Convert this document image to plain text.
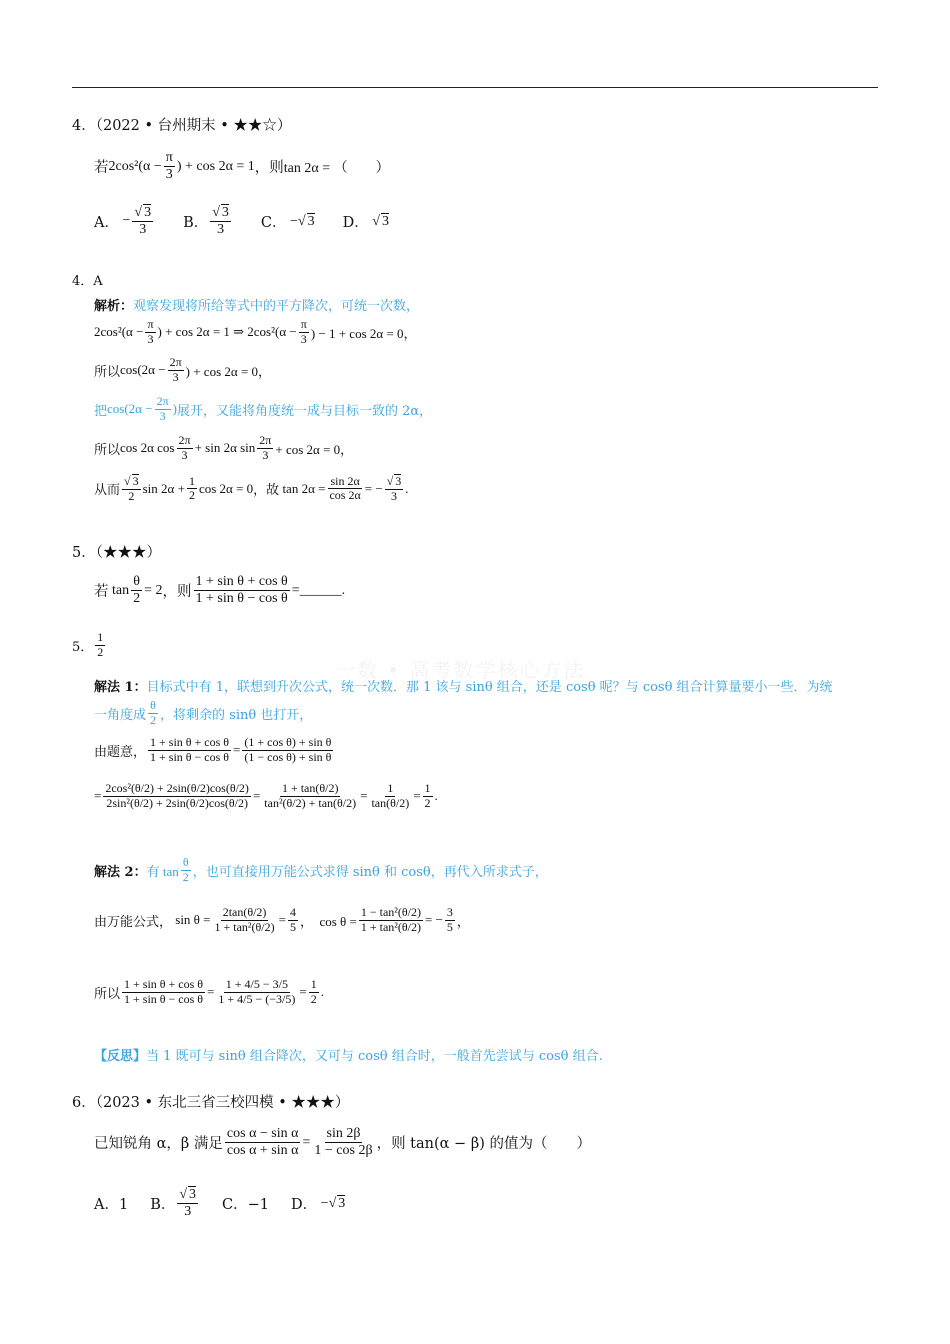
一数 • 高考数学核心方法
4．（2022 • 台州期末 • ★★☆）
若 $2\cos^2(\alpha - \frac{\pi}{3}$ ) + cos 2α = 1 ，则 tan 2α = （　　）
A． − $\frac{√ 3}{3}$ B． $\frac{√ 3}{3}$ C． −√ 3 D． √ 3
4．A
解析： 观察发现将所给等式中的平方降次，可统一次数，
$2\cos^2(\alpha - \frac{\pi}{3}$ ) + cos 2α = 1 ⇒ $2\cos^2(\alpha - \frac{\pi}{3}$ ) − 1 + cos 2α = 0，
所以 $\cos(2\alpha - \frac{2\pi}{3}$ ) + cos 2α = 0，
把 $\cos(2\alpha - \frac{2\pi}{3}$ ) 展开，又能将角度统一成与目标一致的 2α，
所以 cos 2α $\cos \frac{2\pi}{3} + \sin 2\alpha$ $\sin \frac{2\pi}{3} + \cos 2\alpha = 0$，
从而 $\frac{√ 3}{2}$ $\sin 2\alpha + \frac{1}{2}$ cos 2α = 0 ，故 $\tan 2\alpha = \frac{\sin 2\alpha}{\cos 2\alpha}$ = − $\frac{√ 3}{3}$ .
5．（★★★）
若 $\tan \frac{\theta}{2} = 2$ ，则 $\frac{\text{1 + sin θ + cos θ}}{\text{1 + sin θ − cos θ}}$ = ______.
5． $\frac{1}{2}$
解法 1： 目标式中有 1，联想到升次公式，统一次数．那 1 该与 sinθ 组合，还是 cosθ 呢？与 cosθ 组合计算量要小一些．为统
一角度成 $\frac{\theta}{2}$ ，将剩余的 sinθ 也打开，
由题意， $\frac{\text{1 + sin θ + cos θ}}{\text{1 + sin θ − cos θ}} = \frac{\text{(1 + cos θ) + sin θ}}{\text{(1 − cos θ) + sin θ}}$
= $\frac{\text{2cos²(θ/2) + 2sin(θ/2)cos(θ/2)}}{\text{2sin²(θ/2) + 2sin(θ/2)cos(θ/2)}} = \frac{1 + \tan(\theta/2)}{\text{tan²(θ/2) + tan(θ/2)}} = \frac{1}{\tan(\theta/2)} = \frac{1}{2}$ .
解法 2： 有 $\tan \frac{\theta}{2}$ ，也可直接用万能公式求得 sinθ 和 cosθ，再代入所求式子，
由万能公式， $\sin \theta = \frac{2\tan(\theta/2)}{\text{1 + tan²(θ/2)}} = \frac{4}{5}$ ，  $\cos \theta = \frac{\text{1 − tan²(θ/2)}}{\text{1 + tan²(θ/2)}}$ = − $\frac{3}{5}$ ，
所以 $\frac{\text{1 + sin θ + cos θ}}{\text{1 + sin θ − cos θ}} = \frac{1 + 4/5 - 3/5}{1 + 4/5 - (-3/5)} = \frac{1}{2}$ .
【反思】 当 1 既可与 sinθ 组合降次，又可与 cosθ 组合时，一般首先尝试与 cosθ 组合.
6．（2023 • 东北三省三校四模 • ★★★）
已知锐角 α，β 满足 $\frac{\text{cos α − sin α}}{\text{cos α + sin α}} = \frac{\sin 2\beta}{1 - \cos 2\beta}$ ，则 tan(α − β) 的值为（　　）
A．1 B． $\frac{√ 3}{3}$ C．−1 D． −√ 3
